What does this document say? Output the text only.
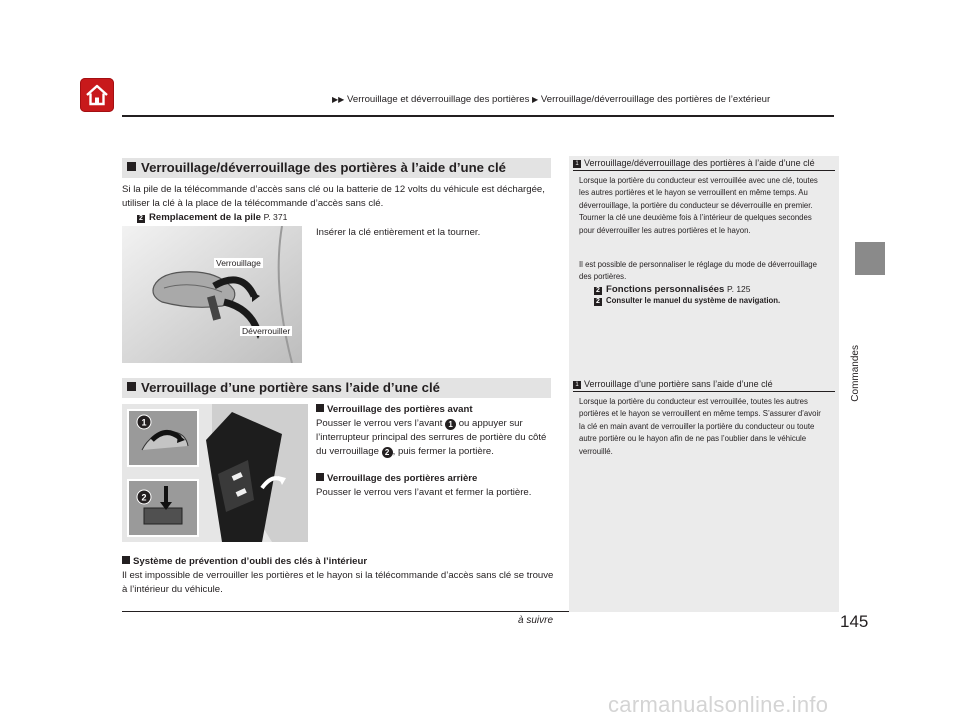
▶▶ Verrouillage et déverrouillage des portières ▶ Verrouillage/déverrouillage des portières de l’extérieur
Commandes
1 Verrouillage/déverrouillage des portières à l’aide d’une clé
Lorsque la portière du conducteur est verrouillée avec une clé, toutes les autres portières et le hayon se verrouillent en même temps. Au déverrouillage, la portière du conducteur se déverrouille en premier. Tourner la clé une deuxième fois à l’intérieur de quelques secondes pour déverrouiller les autres portières et le hayon.
Il est possible de personnaliser le réglage du mode de déverrouillage des portières.
2 Fonctions personnalisées P. 125
2 Consulter le manuel du système de navigation.
1 Verrouillage d’une portière sans l’aide d’une clé
Lorsque la portière du conducteur est verrouillée, toutes les autres portières et le hayon se verrouillent en même temps. S’assurer d’avoir la clé en main avant de verrouiller la portière du conducteur ou toute autre portière ou le hayon afin de ne pas l’oublier dans le véhicule verrouillé.
Verrouillage/déverrouillage des portières à l’aide d’une clé
Si la pile de la télécommande d’accès sans clé ou la batterie de 12 volts du véhicule est déchargée, utiliser la clé à la place de la télécommande d’accès sans clé.
2 Remplacement de la pile P. 371
Insérer la clé entièrement et la tourner.
Verrouillage
Déverrouiller
Verrouillage d’une portière sans l’aide d’une clé
1
2
Verrouillage des portières avant
Pousser le verrou vers l’avant 1 ou appuyer sur l’interrupteur principal des serrures de portière du côté du verrouillage 2 , puis fermer la portière.
Verrouillage des portières arrière
Pousser le verrou vers l’avant et fermer la portière.
Système de prévention d’oubli des clés à l’intérieur
Il est impossible de verrouiller les portières et le hayon si la télécommande d’accès sans clé se trouve à l’intérieur du véhicule.
à suivre	145
carmanualsonline.info
